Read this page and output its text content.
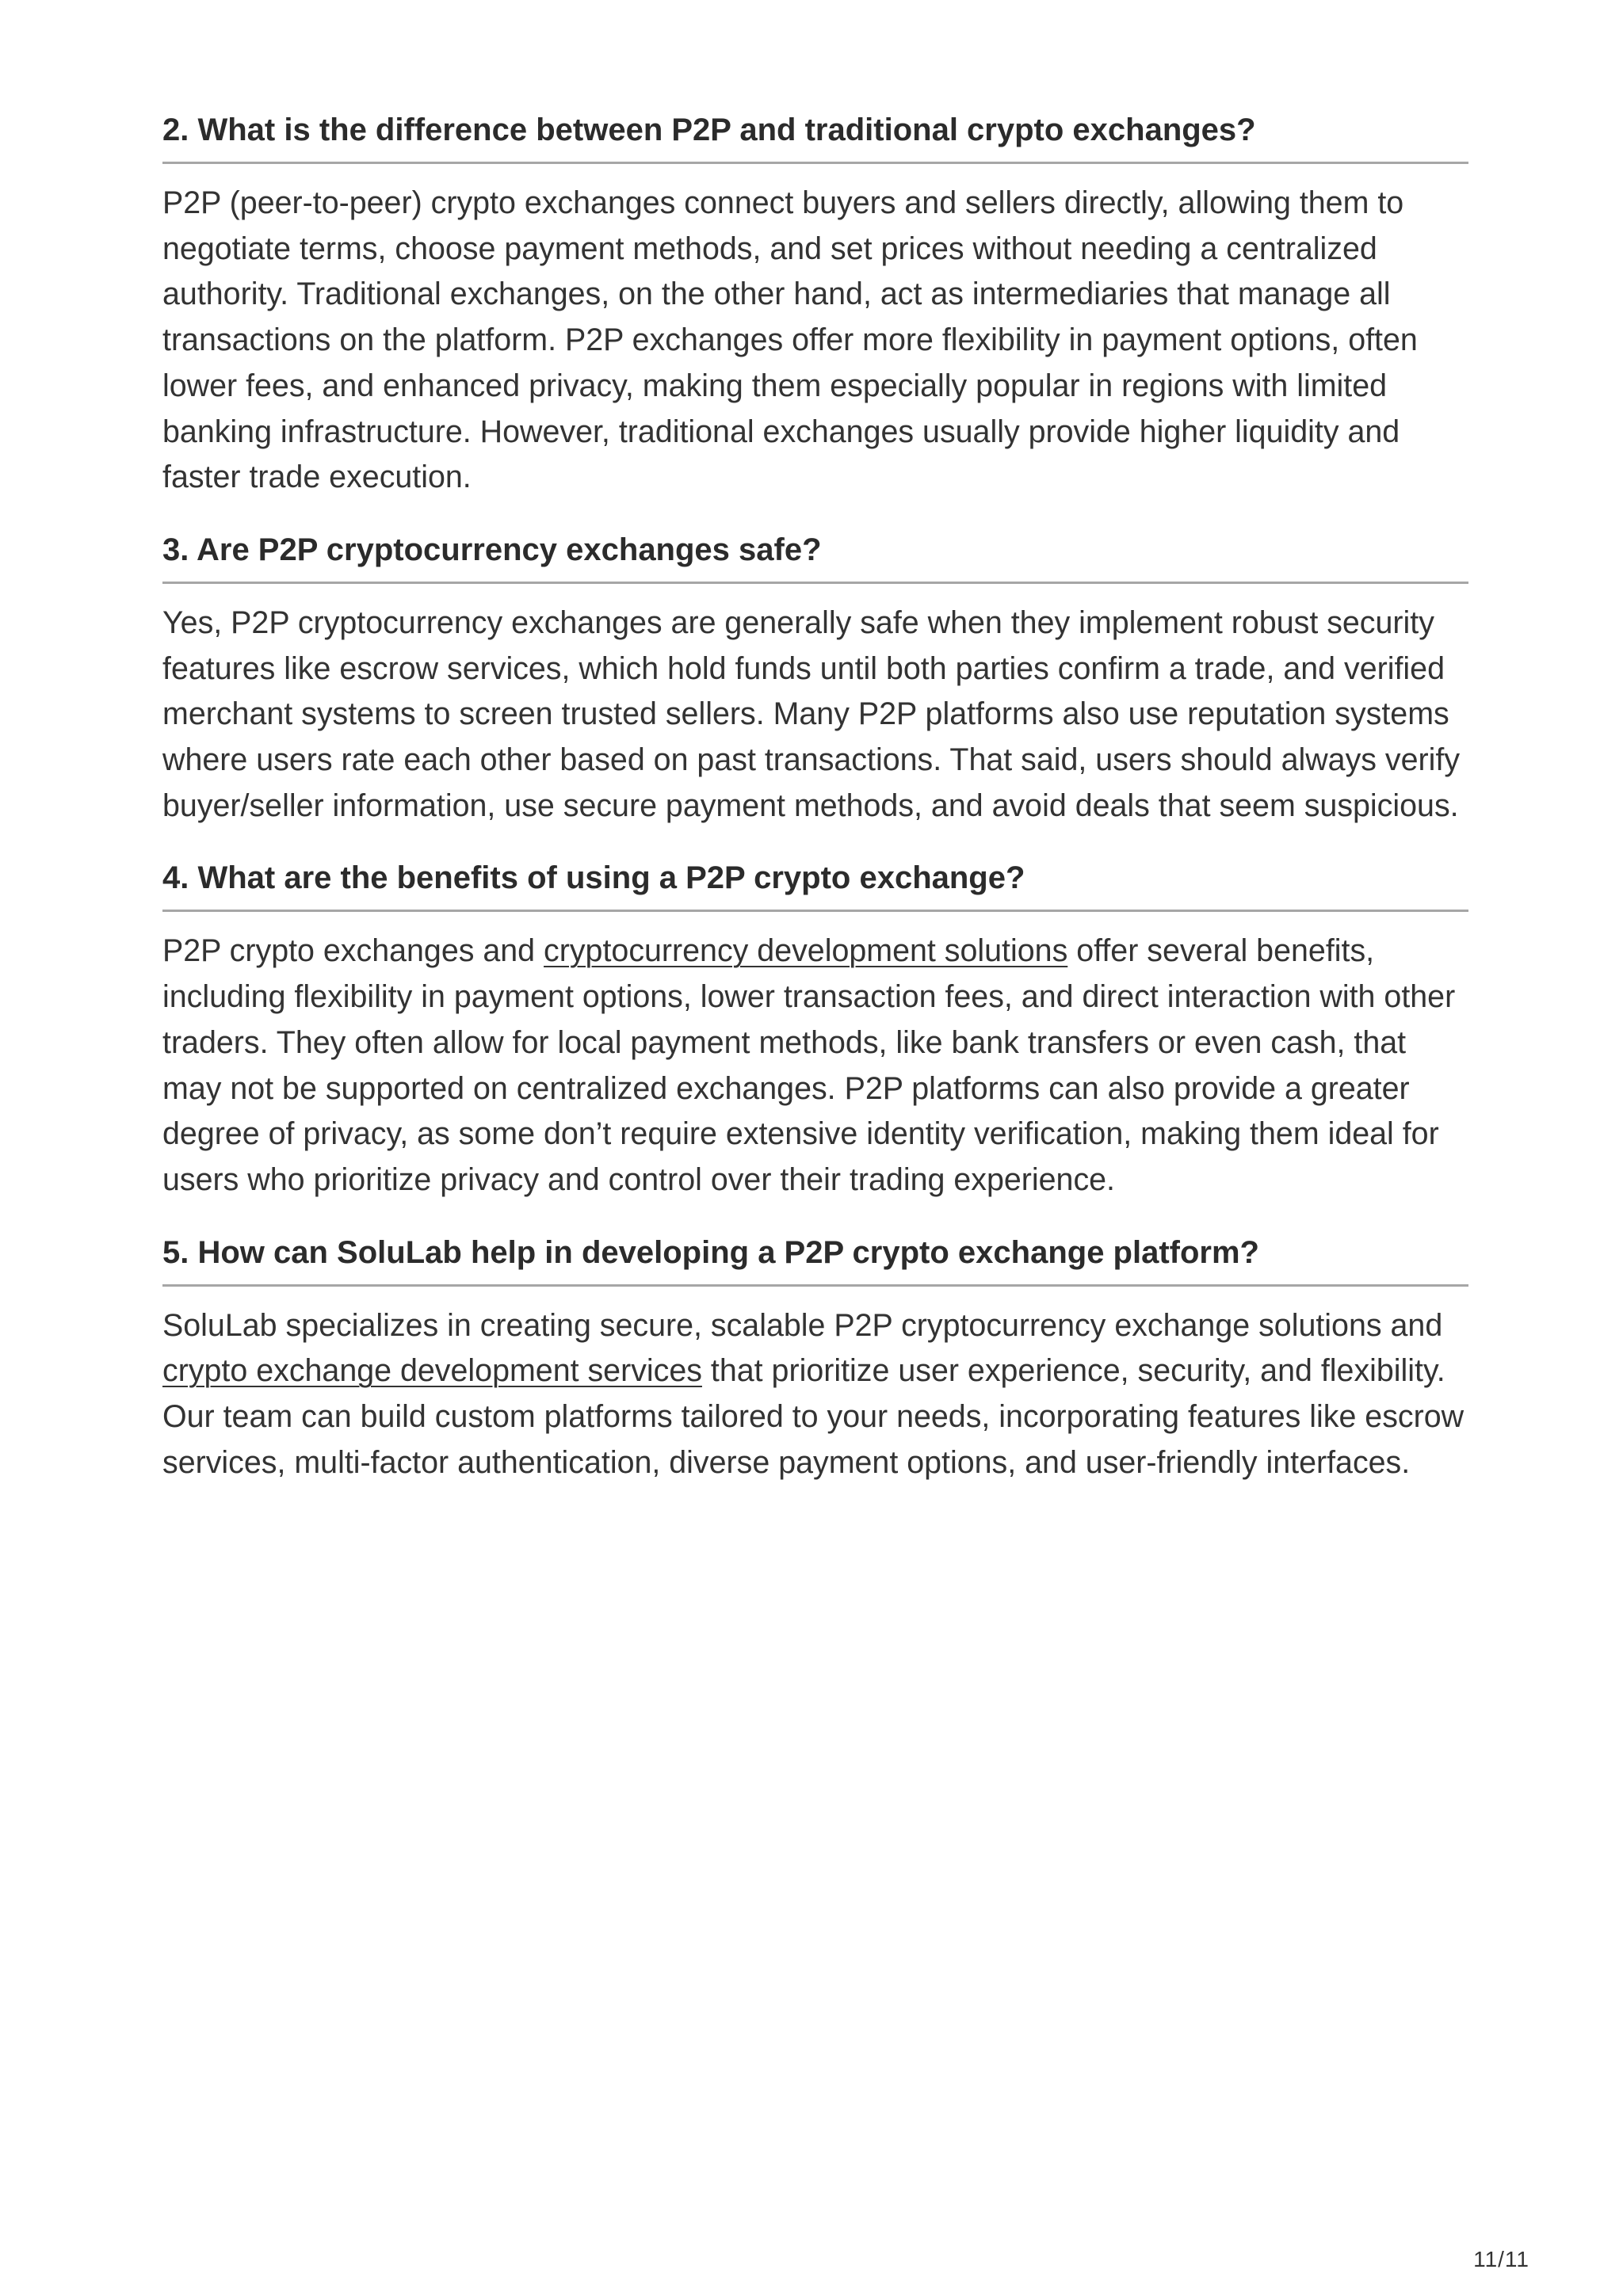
2. What is the difference between P2P and traditional crypto exchanges?

P2P (peer-to-peer) crypto exchanges connect buyers and sellers directly, allowing them to negotiate terms, choose payment methods, and set prices without needing a centralized authority. Traditional exchanges, on the other hand, act as intermediaries that manage all transactions on the platform. P2P exchanges offer more flexibility in payment options, often lower fees, and enhanced privacy, making them especially popular in regions with limited banking infrastructure. However, traditional exchanges usually provide higher liquidity and faster trade execution.

3. Are P2P cryptocurrency exchanges safe?

Yes, P2P cryptocurrency exchanges are generally safe when they implement robust security features like escrow services, which hold funds until both parties confirm a trade, and verified merchant systems to screen trusted sellers. Many P2P platforms also use reputation systems where users rate each other based on past transactions. That said, users should always verify buyer/seller information, use secure payment methods, and avoid deals that seem suspicious.

4. What are the benefits of using a P2P crypto exchange?

P2P crypto exchanges and cryptocurrency development solutions offer several benefits, including flexibility in payment options, lower transaction fees, and direct interaction with other traders. They often allow for local payment methods, like bank transfers or even cash, that may not be supported on centralized exchanges. P2P platforms can also provide a greater degree of privacy, as some don’t require extensive identity verification, making them ideal for users who prioritize privacy and control over their trading experience.

5. How can SoluLab help in developing a P2P crypto exchange platform?

SoluLab specializes in creating secure, scalable P2P cryptocurrency exchange solutions and crypto exchange development services that prioritize user experience, security, and flexibility. Our team can build custom platforms tailored to your needs, incorporating features like escrow services, multi-factor authentication, diverse payment options, and user-friendly interfaces.

11/11
